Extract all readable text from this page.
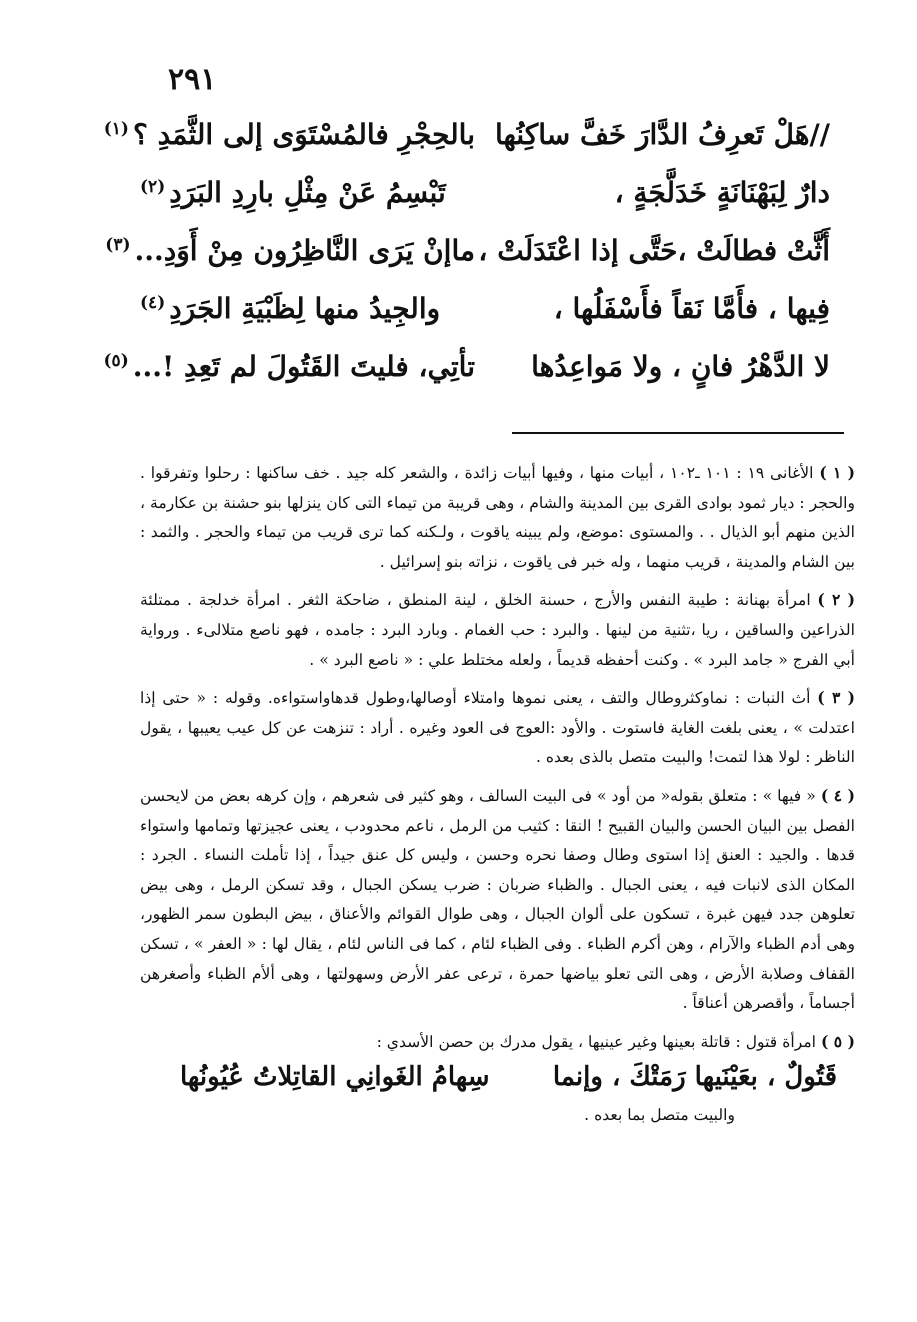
٢٩١
//هَلْ تَعرِفُ الدَّارَ خَفَّ ساكِنُها
بالحِجْرِ فالمُسْتَوَى إلى الثَّمَدِ ؟$^{(١)}$
دارٌ لِبَهْنَانَةٍ خَدَلَّجَةٍ ،
تَبْسِمُ عَنْ مِثْلِ بارِدِ البَرَدِ$^{(٢)}$
أَثَّتْ فطالَتْ ،حَتَّى إذا اعْتَدَلَتْ ،
ماإنْ يَرَى النَّاظِرُون مِنْ أَوَدِ...$^{(٣)}$
فِيها ، فأَمَّا نَقاً فأَسْفَلُها ،
والجِيدُ منها لِظَبْيَةِ الجَرَدِ$^{(٤)}$
لا الدَّهْرُ فانٍ ، ولا مَواعِدُها
تأتِي، فليتَ القَتُولَ لم تَعِدِ !...$^{(٥)}$

( ١ ) الأغانى ١٩ : ١٠١ ـ١٠٢ ، أبيات منها ، وفيها أبيات زائدة ، والشعر كله جيد . خف ساكنها : رحلوا وتفرقوا . والحجر : ديار ثمود بوادى القرى بين المدينة والشام ، وهى قريبة من تيماء التى كان ينزلها بنو حشنة بن عكارمة ، الذين منهم أبو الذيال . . والمستوى :موضع، ولم يبينه ياقوت ، ولـكنه كما ترى قريب من تيماء والحجر . والثمد : بين الشام والمدينة ، قريب منهما ، وله خبر فى ياقوت ، نزاته بنو إسرائيل .

( ٢ ) امرأة بهنانة : طيبة النفس والأرج ، حسنة الخلق ، لينة المنطق ، ضاحكة الثغر . امرأة خدلجة . ممتلئة الذراعين والساقين ، ريا ،تثنية من لينها . والبرد : حب الغمام . وبارد البرد : جامده ، فهو ناصع متلالىء . ورواية أبي الفرج « جامد البرد » . وكنت أحفظه قديماً ، ولعله مختلط علي : « ناصع البرد » .

( ٣ ) أث النبات : نماوكثروطال والتف ، يعنى نموها وامتلاء أوصالها،وطول قدهاواستواءه. وقوله : « حتى إذا اعتدلت » ، يعنى بلغت الغاية فاستوت . والأود :العوج فى العود وغيره . أراد : تنزهت عن كل عيب يعيبها ، يقول الناظر : لولا هذا لتمت! والبيت متصل بالذى بعده .

( ٤ ) « فيها » : متعلق بقوله« من أود » فى البيت السالف ، وهو كثير فى شعرهم ، وإن كرهه بعض من لايحسن الفصل بين البيان الحسن والبيان القبيح ! النقا : كثيب من الرمل ، ناعم محدودب ، يعنى عجيزتها وتمامها واستواء قدها . والجيد : العنق إذا استوى وطال وصفا نحره وحسن ، وليس كل عنق جيداً ، إذا تأملت النساء . الجرد : المكان الذى لانبات فيه ، يعنى الجبال . والظباء ضربان : ضرب يسكن الجبال ، وقد تسكن الرمل ، وهى بيض تعلوهن جدد فيهن غبرة ، تسكون على ألوان الجبال ، وهى طوال القوائم والأعناق ، بيض البطون سمر الظهور، وهى أدم الظباء والآرام ، وهن أكرم الظباء . وفى الظباء لئام ، كما فى الناس لئام ، يقال لها : « العفر » ، تسكن القفاف وصلابة الأرض ، وهى التى تعلو بياضها حمرة ، ترعى عفر الأرض وسهولتها ، وهى ألأم الظباء وأصغرهن أجساماً ، وأقصرهن أعناقاً .

( ٥ ) امرأة قتول : قاتلة بعينها وغير عينيها ، يقول مدرك بن حصن الأسدي :

قَتُولٌ ، بعَيْنَيها رَمَتْكَ ، وإنما
سِهامُ الغَوانِي القاتِلاتُ عُيُونُها

والبيت متصل بما بعده .
